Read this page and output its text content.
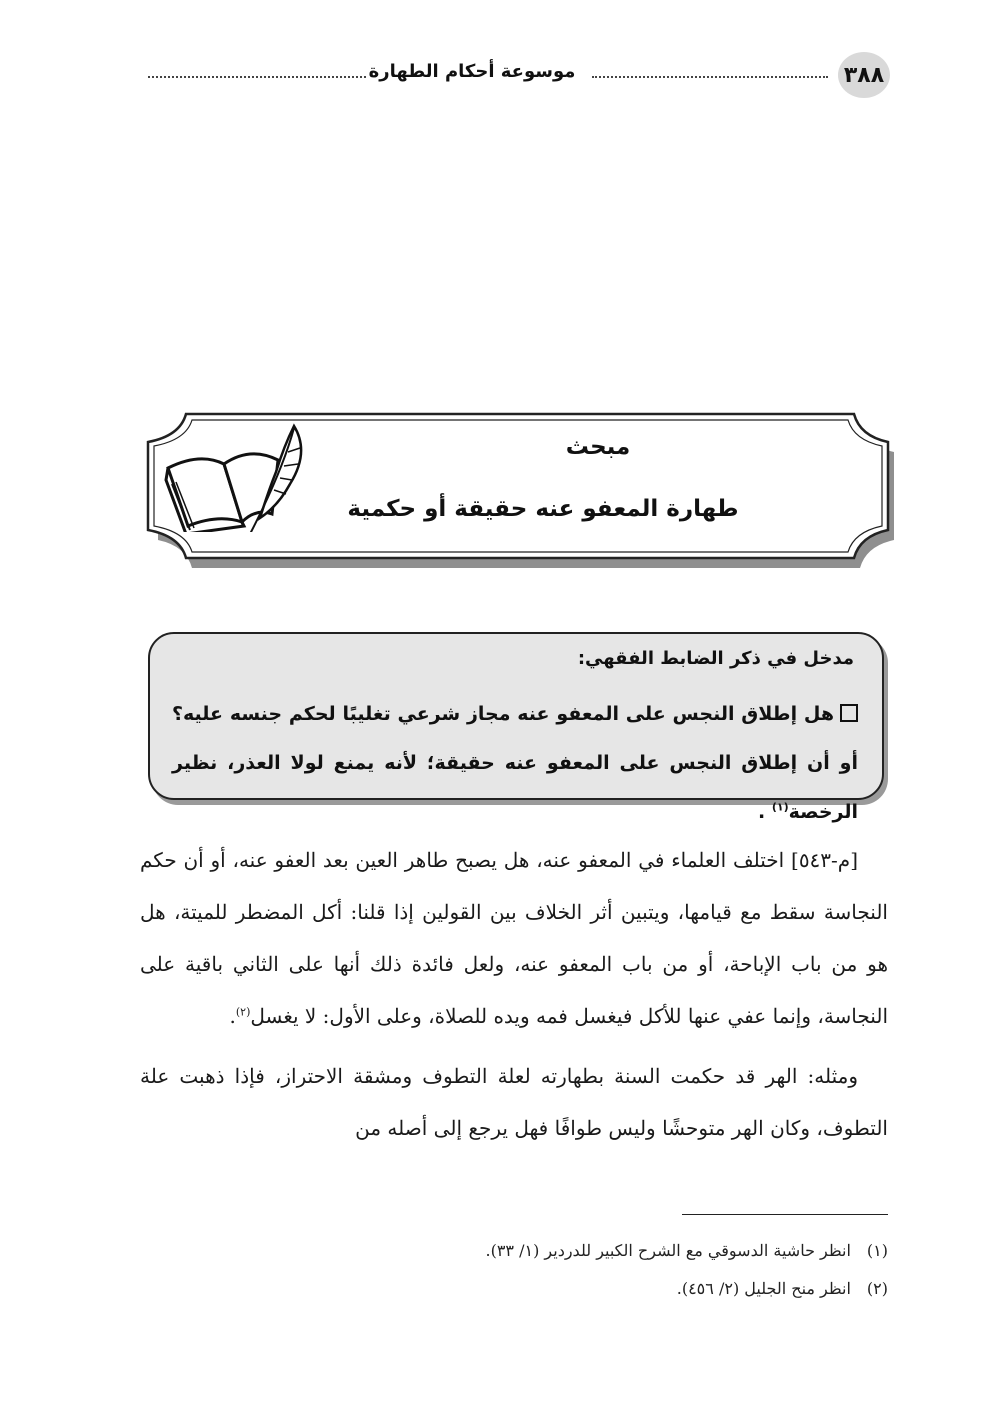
٣٨٨
موسوعة أحكام الطهارة
مبحث
طهارة المعفو عنه حقيقة أو حكمية
مدخل في ذكر الضابط الفقهي:
هل إطلاق النجس على المعفو عنه مجاز شرعي تغليبًا لحكم جنسه عليه؟ أو أن إطلاق النجس على المعفو عنه حقيقة؛ لأنه يمنع لولا العذر، نظير الرخصة$^{(١)}$ .

[م-٥٤٣] اختلف العلماء في المعفو عنه، هل يصبح طاهر العين بعد العفو عنه، أو أن حكم النجاسة سقط مع قيامها، ويتبين أثر الخلاف بين القولين إذا قلنا: أكل المضطر للميتة، هل هو من باب الإباحة، أو من باب المعفو عنه، ولعل فائدة ذلك أنها على الثاني باقية على النجاسة، وإنما عفي عنها للأكل فيغسل فمه ويده للصلاة، وعلى الأول: لا يغسل$^{(٢)}$.

ومثله: الهر قد حكمت السنة بطهارته لعلة التطوف ومشقة الاحتراز، فإذا ذهبت علة التطوف، وكان الهر متوحشًا وليس طوافًا فهل يرجع إلى أصله من

(١)
انظر حاشية الدسوقي مع الشرح الكبير للدردير (١/ ٣٣).
(٢)
انظر منح الجليل (٢/ ٤٥٦).
